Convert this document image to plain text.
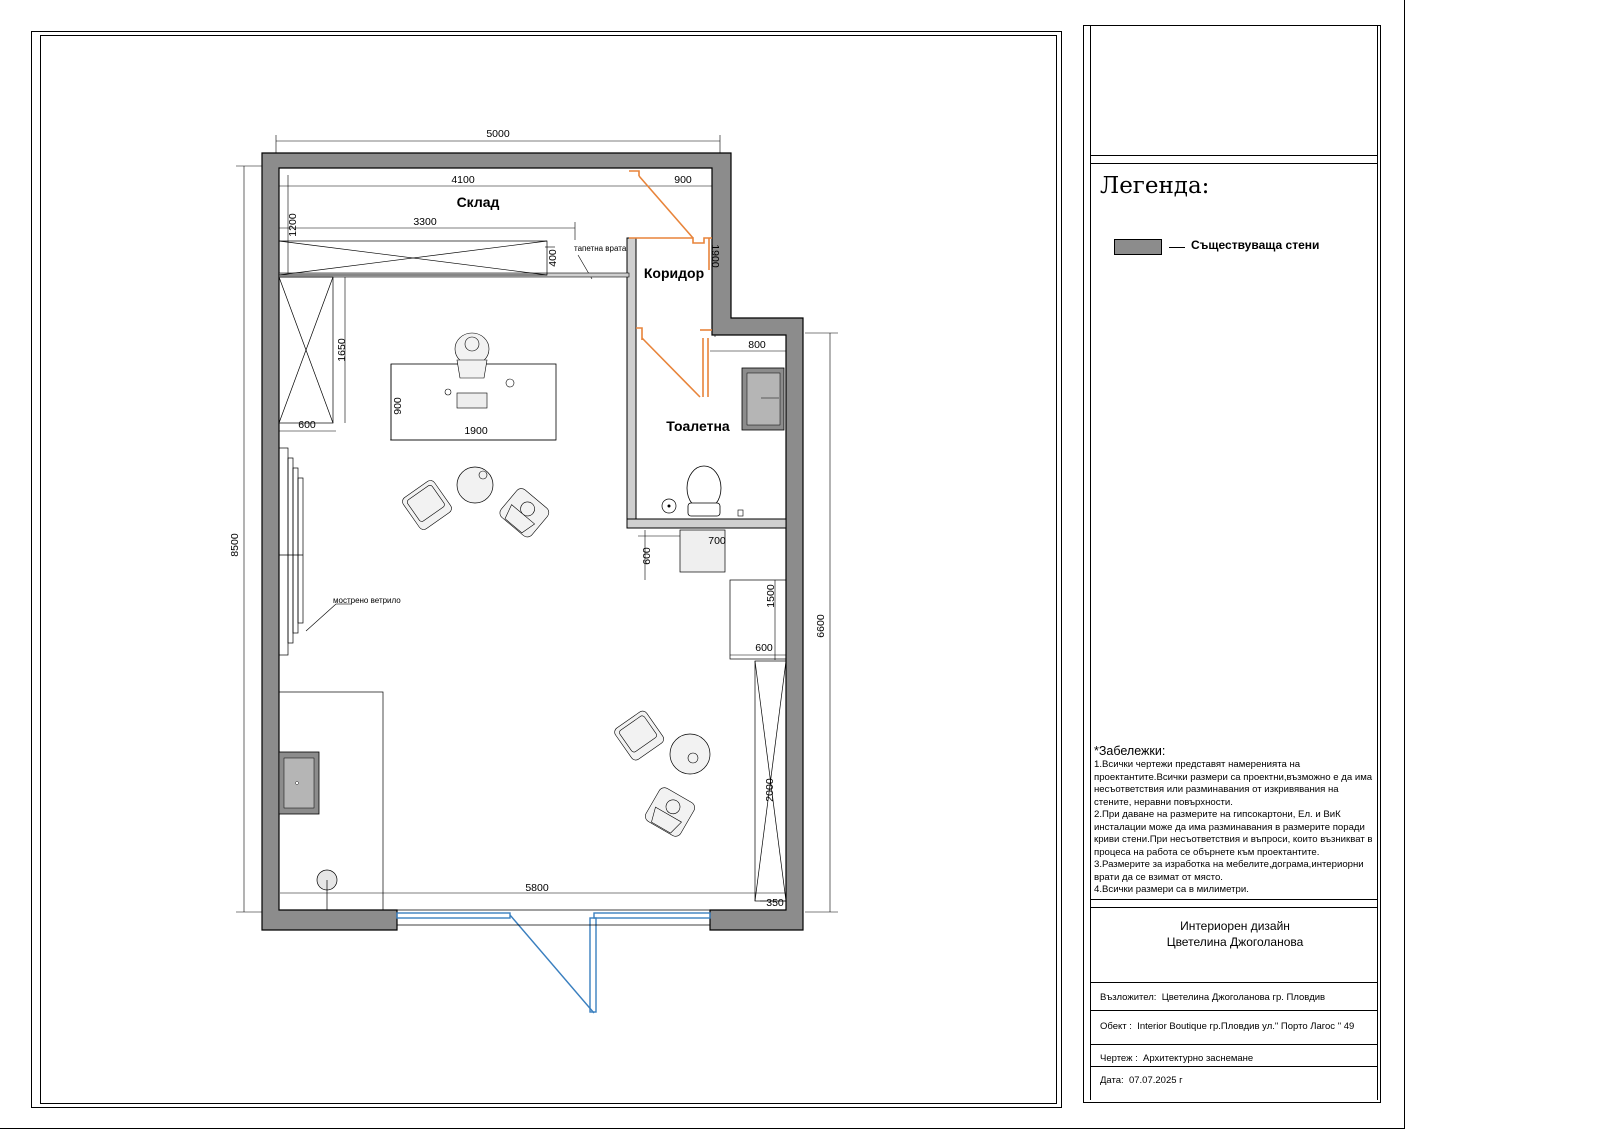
Склад
Коридор
Тоалетна
5000
4100	900
1200	3300
400	1900
1650
600
900
1900
800
700
600
1500
600
8500
6600
2000
5800
350
тапетна врата
мострено ветрило
Легенда:
Съществуваща стени
*Забележки:
1.Всички чертежи представят намеренията на проектантите.Всички размери са проектни,възможно е да има несъответствия или разминавания от изкривявания на стените, неравни повърхности.
2.При даване на размерите на гипсокартони, Ел. и ВиК инсталации може да има разминавания в размерите поради криви стени.При несъответствия и въпроси, които възникват в процеса на работа се обърнете към проектантите.
3.Размерите за изработка на мебелите,дограма,интериорни врати да се взимат от място.
4.Всички размери са в милиметри.
Интериорен дизайн
Цветелина Джоголанова
Възложител: Цветелина Джоголанова гр. Пловдив
Обект : Interior Boutique гр.Пловдив ул." Порто Лагос " 49
Чертеж : Архитектурно заснемане
Дата: 07.07.2025 г
